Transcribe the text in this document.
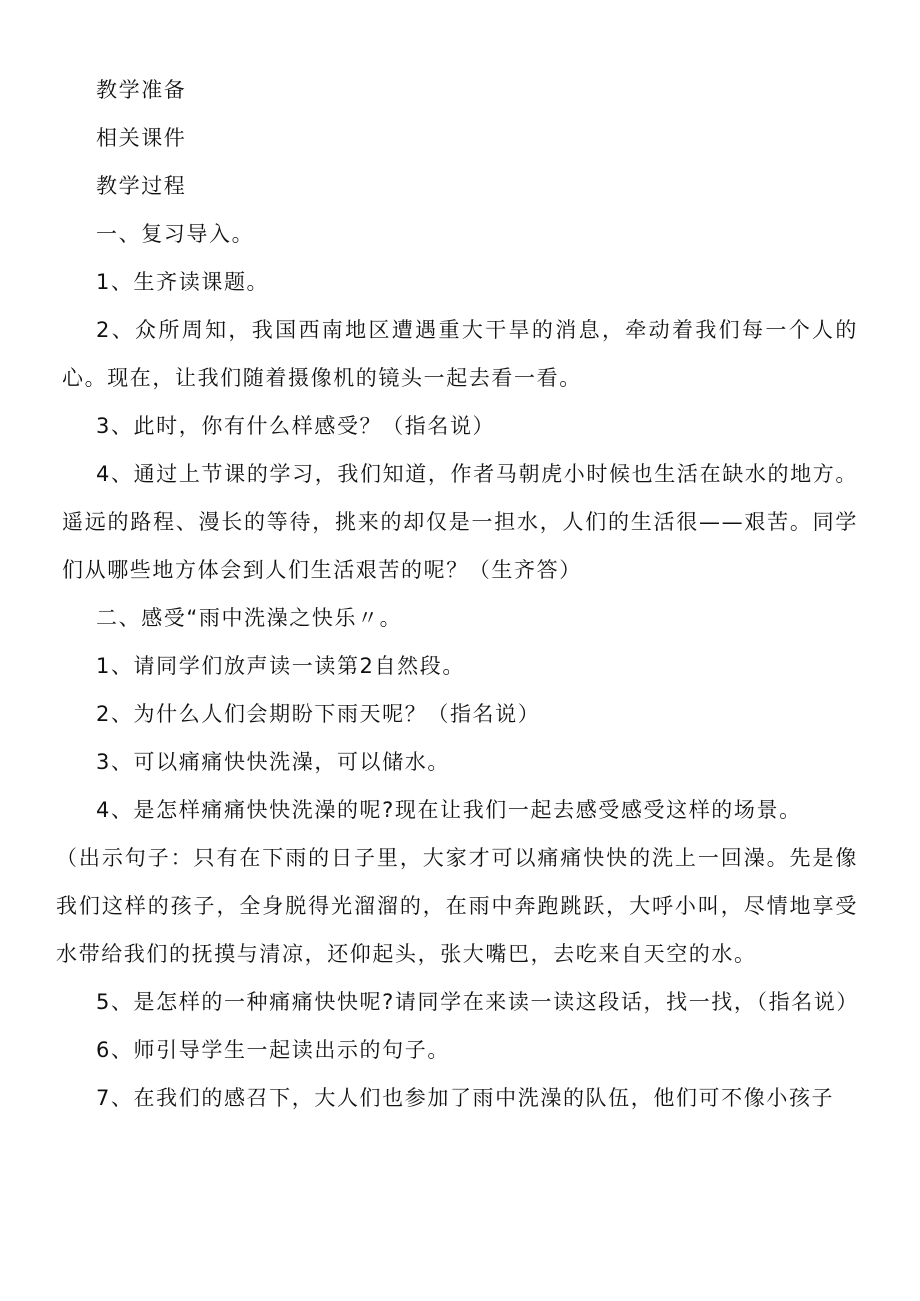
教学准备

相关课件

教学过程

一、复习导入。

1、生齐读课题。

2、众所周知，我国西南地区遭遇重大干旱的消息，牵动着我们每一个人的心。现在，让我们随着摄像机的镜头一起去看一看。

3、此时，你有什么样感受？（指名说）

4、通过上节课的学习，我们知道，作者马朝虎小时候也生活在缺水的地方。遥远的路程、漫长的等待，挑来的却仅是一担水，人们的生活很——艰苦。同学们从哪些地方体会到人们生活艰苦的呢？（生齐答）

二、感受“雨中洗澡之快乐〃。

1、请同学们放声读一读第2自然段。

2、为什么人们会期盼下雨天呢？（指名说）

3、可以痛痛快快洗澡，可以储水。

4、是怎样痛痛快快洗澡的呢?现在让我们一起去感受感受这样的场景。

（出示句子：只有在下雨的日子里，大家才可以痛痛快快的洗上一回澡。先是像我们这样的孩子，全身脱得光溜溜的，在雨中奔跑跳跃，大呼小叫，尽情地享受水带给我们的抚摸与清凉，还仰起头，张大嘴巴，去吃来自天空的水。

5、是怎样的一种痛痛快快呢?请同学在来读一读这段话，找一找，（指名说）

6、师引导学生一起读出示的句子。

7、在我们的感召下，大人们也参加了雨中洗澡的队伍，他们可不像小孩子
